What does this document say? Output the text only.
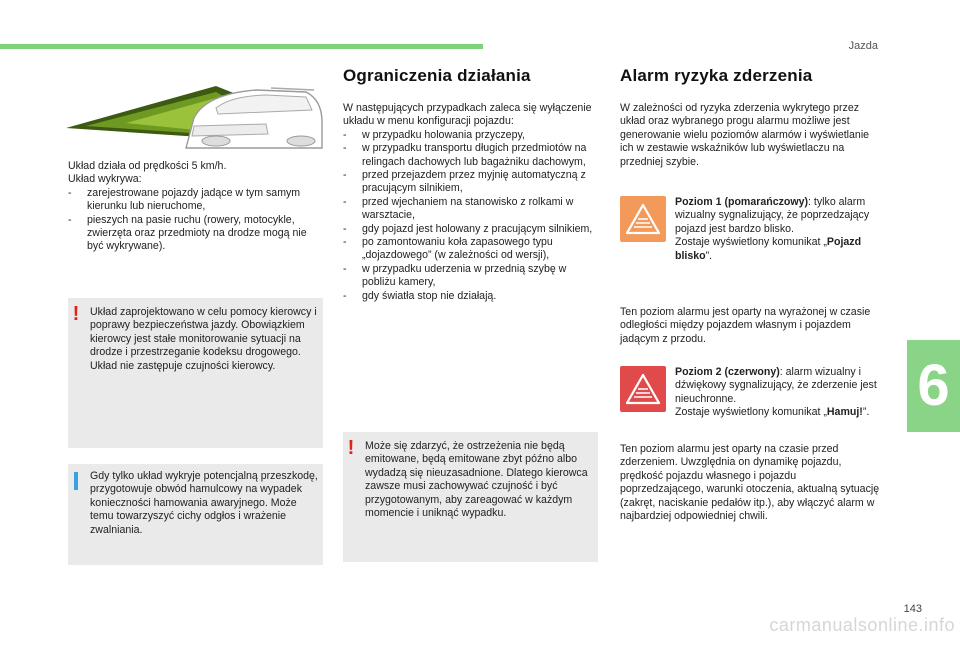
Jazda
6

Układ działa od prędkości 5 km/h.

Układ wykrywa:

- zarejestrowane pojazdy jadące w tym samym kierunku lub nieruchome,
- pieszych na pasie ruchu (rowery, motocykle, zwierzęta oraz przedmioty na drodze mogą nie być wykrywane).
! Układ zaprojektowano w celu pomocy kierowcy i poprawy bezpieczeństwa jazdy. Obowiązkiem kierowcy jest stałe monitorowanie sytuacji na drodze i przestrzeganie kodeksu drogowego. Układ nie zastępuje czujności kierowcy.
Gdy tylko układ wykryje potencjalną przeszkodę, przygotowuje obwód hamulcowy na wypadek konieczności hamowania awaryjnego. Może temu towarzyszyć cichy odgłos i wrażenie zwalniania.
Ograniczenia działania

W następujących przypadkach zaleca się wyłączenie układu w menu konfiguracji pojazdu:

- w przypadku holowania przyczepy,
- w przypadku transportu długich przedmiotów na relingach dachowych lub bagażniku dachowym,
- przed przejazdem przez myjnię automatyczną z pracującym silnikiem,
- przed wjechaniem na stanowisko z rolkami w warsztacie,
- gdy pojazd jest holowany z pracującym silnikiem,
- po zamontowaniu koła zapasowego typu „dojazdowego” (w zależności od wersji),
- w przypadku uderzenia w przednią szybę w pobliżu kamery,
- gdy światła stop nie działają.
! Może się zdarzyć, że ostrzeżenia nie będą emitowane, będą emitowane zbyt późno albo wydadzą się nieuzasadnione. Dlatego kierowca zawsze musi zachowywać czujność i być przygotowanym, aby zareagować w każdym momencie i uniknąć wypadku.
Alarm ryzyka zderzenia
W zależności od ryzyka zderzenia wykrytego przez układ oraz wybranego progu alarmu możliwe jest generowanie wielu poziomów alarmów i wyświetlanie ich w zestawie wskaźników lub wyświetlaczu na przedniej szybie.
Poziom 1 (pomarańczowy): tylko alarm wizualny sygnalizujący, że poprzedzający pojazd jest bardzo blisko.
Zostaje wyświetlony komunikat „Pojazd blisko”.
Ten poziom alarmu jest oparty na wyrażonej w czasie odległości między pojazdem własnym i pojazdem jadącym z przodu.
Poziom 2 (czerwony): alarm wizualny i dźwiękowy sygnalizujący, że zderzenie jest nieuchronne.
Zostaje wyświetlony komunikat „Hamuj!”.
Ten poziom alarmu jest oparty na czasie przed zderzeniem. Uwzględnia on dynamikę pojazdu, prędkość pojazdu własnego i pojazdu poprzedzającego, warunki otoczenia, aktualną sytuację (zakręt, naciskanie pedałów itp.), aby włączyć alarm w najbardziej odpowiedniej chwili.
143
carmanualsonline.info
